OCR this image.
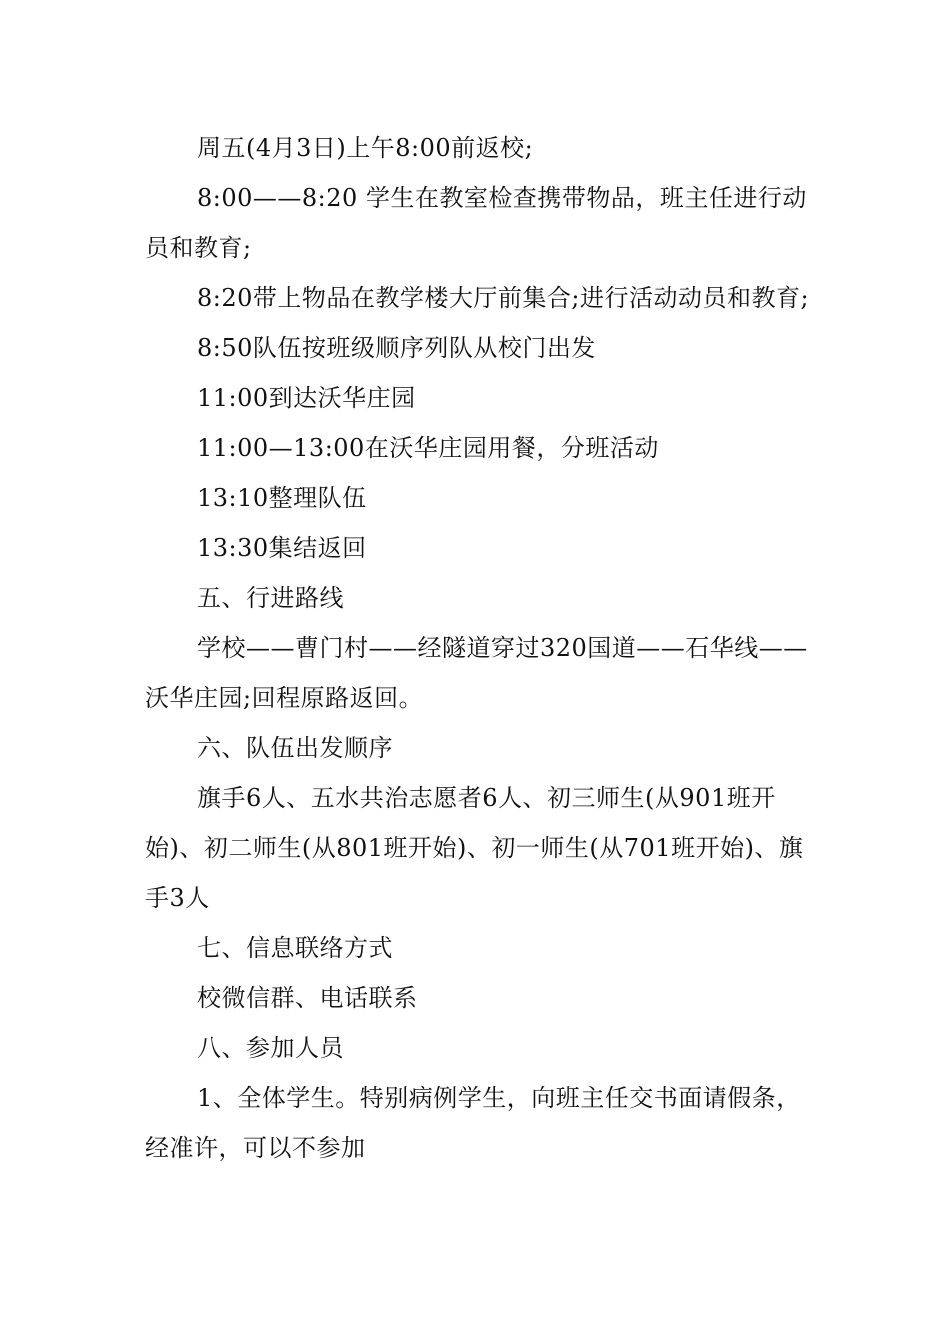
周五(4月3日)上午8:00前返校;

8:00——8:20 学生在教室检查携带物品，班主任进行动员和教育;

8:20带上物品在教学楼大厅前集合;进行活动动员和教育;

8:50队伍按班级顺序列队从校门出发

11:00到达沃华庄园

11:00—13:00在沃华庄园用餐，分班活动

13:10整理队伍

13:30集结返回

五、行进路线

学校——曹门村——经隧道穿过320国道——石华线——沃华庄园;回程原路返回。

六、队伍出发顺序

旗手6人、五水共治志愿者6人、初三师生(从901班开始)、初二师生(从801班开始)、初一师生(从701班开始)、旗手3人

七、信息联络方式

校微信群、电话联系

八、参加人员

1、全体学生。特别病例学生，向班主任交书面请假条，经准许，可以不参加
